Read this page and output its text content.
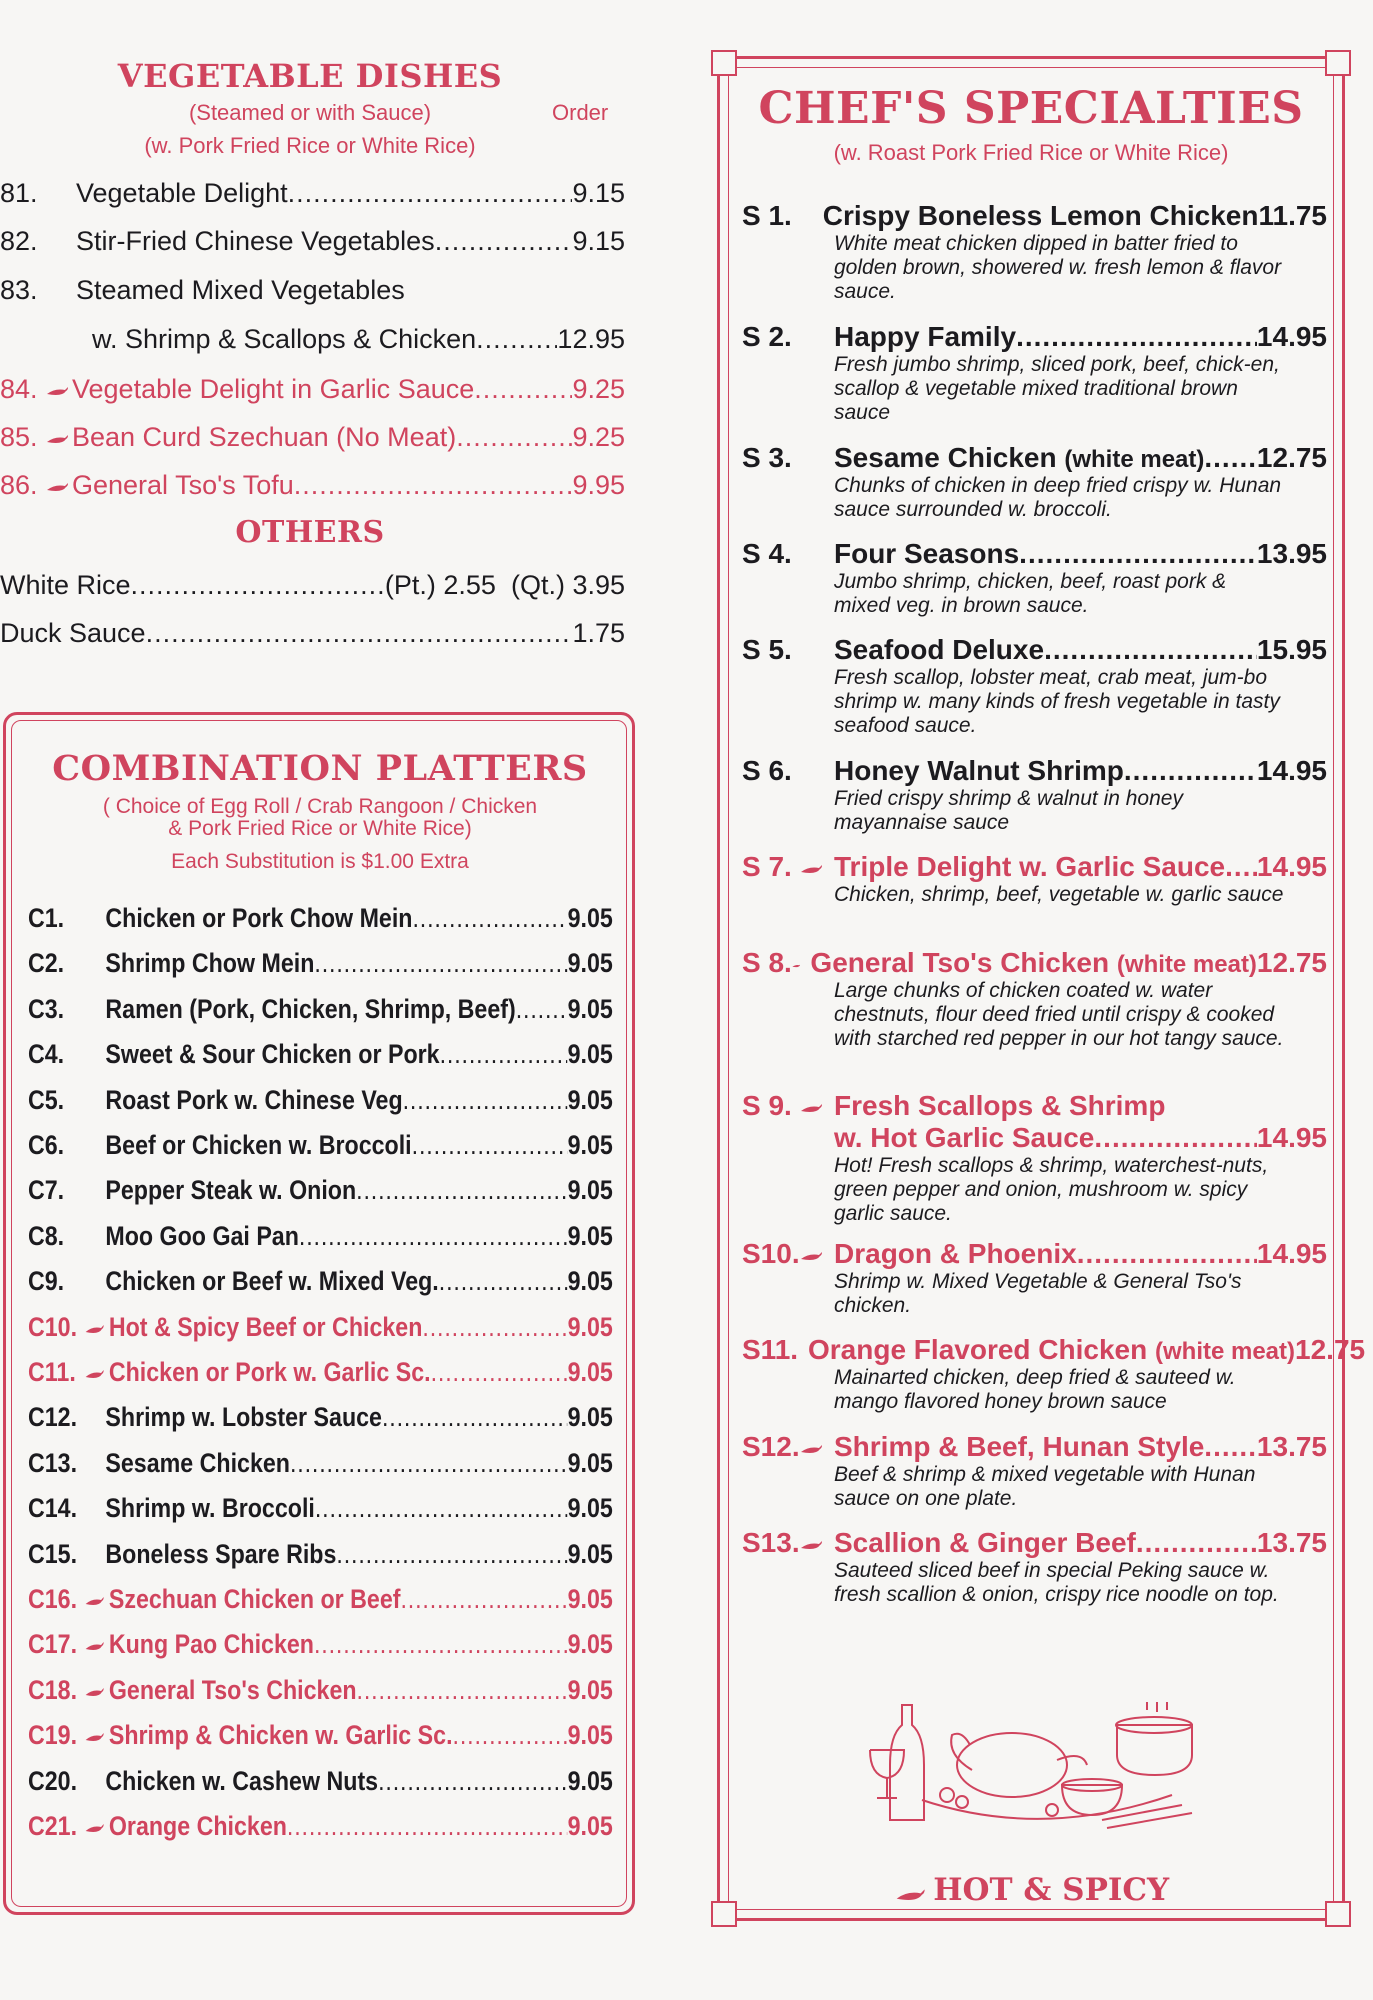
VEGETABLE DISHES
(Steamed or with Sauce)
(w. Pork Fried Rice or White Rice)
Order
81.	Vegetable Delight .....	9.15
82.	Stir-Fried Chinese Vegetables .....	9.15
83.	Steamed Mixed Vegetables
w. Shrimp & Scallops & Chicken .....	12.95
84. Vegetable Delight in Garlic Sauce .....	9.25
85. Bean Curd Szechuan (No Meat) .....	9.25
86. General Tso's Tofu .....	9.95
OTHERS
White Rice .....	(Pt.) 2.55  (Qt.) 3.95
Duck Sauce .....	1.75
COMBINATION PLATTERS
( Choice of Egg Roll / Crab Rangoon / Chicken
& Pork Fried Rice or White Rice)
Each Substitution is $1.00 Extra
C1.	Chicken or Pork Chow Mein .....	9.05
C2.	Shrimp Chow Mein .....	9.05
C3.	Ramen (Pork, Chicken, Shrimp, Beef) ..... 9.05
C4.	Sweet & Sour Chicken or Pork .....	9.05
C5.	Roast Pork w. Chinese Veg .....	9.05
C6.	Beef or Chicken w. Broccoli .....	9.05
C7.	Pepper Steak w. Onion .....	9.05
C8.	Moo Goo Gai Pan .....	9.05
C9.	Chicken or Beef w. Mixed Veg. .....	9.05
C10. Hot & Spicy Beef or Chicken .....	9.05
C11. Chicken or Pork w. Garlic Sc. .....	9.05
C12.	Shrimp w. Lobster Sauce .....	9.05
C13.	Sesame Chicken .....	9.05
C14.	Shrimp w. Broccoli .....	9.05
C15.	Boneless Spare Ribs .....	9.05
C16. Szechuan Chicken or Beef .....	9.05
C17. Kung Pao Chicken .....	9.05
C18. General Tso's Chicken .....	9.05
C19. Shrimp & Chicken w. Garlic Sc. .....	9.05
C20.	Chicken w. Cashew Nuts .....	9.05
C21. Orange Chicken .....	9.05
CHEF'S SPECIALTIES
(w. Roast Pork Fried Rice or White Rice)
S 1.	Crispy Boneless Lemon Chicken 11.75
White meat chicken dipped in batter fried to golden brown, showered w. fresh lemon & flavor sauce.
S 2.	Happy Family .....	14.95
Fresh jumbo shrimp, sliced pork, beef, chick-en, scallop & vegetable mixed traditional brown sauce
S 3.	Sesame Chicken (white meat) ..... 12.75
Chunks of chicken in deep fried crispy w. Hunan sauce surrounded w. broccoli.
S 4.	Four Seasons .....	13.95
Jumbo shrimp, chicken, beef, roast pork & mixed veg. in brown sauce.
S 5.	Seafood Deluxe .....	15.95
Fresh scallop, lobster meat, crab meat, jum-bo shrimp w. many kinds of fresh vegetable in tasty seafood sauce.
S 6.	Honey Walnut Shrimp .....	14.95
Fried crispy shrimp & walnut in honey mayannaise sauce
S 7. Triple Delight w. Garlic Sauce ..... 14.95
Chicken, shrimp, beef, vegetable w. garlic sauce
S 8. General Tso's Chicken (white meat) 12.75
Large chunks of chicken coated w. water chestnuts, flour deed fried until crispy & cooked with starched red pepper in our hot tangy sauce.
S 9. Fresh Scallops & Shrimp
w. Hot Garlic Sauce .....	14.95
Hot! Fresh scallops & shrimp, waterchest-nuts, green pepper and onion, mushroom w. spicy garlic sauce.
S10. Dragon & Phoenix .....	14.95
Shrimp w. Mixed Vegetable & General Tso's chicken.
S11. Orange Flavored Chicken (white meat) 12.75
Mainarted chicken, deep fried & sauteed w. mango flavored honey brown sauce
S12. Shrimp & Beef, Hunan Style ..... 13.75
Beef & shrimp & mixed vegetable with Hunan sauce on one plate.
S13. Scallion & Ginger Beef .....	13.75
Sauteed sliced beef in special Peking sauce w. fresh scallion & onion, crispy rice noodle on top.
HOT & SPICY
